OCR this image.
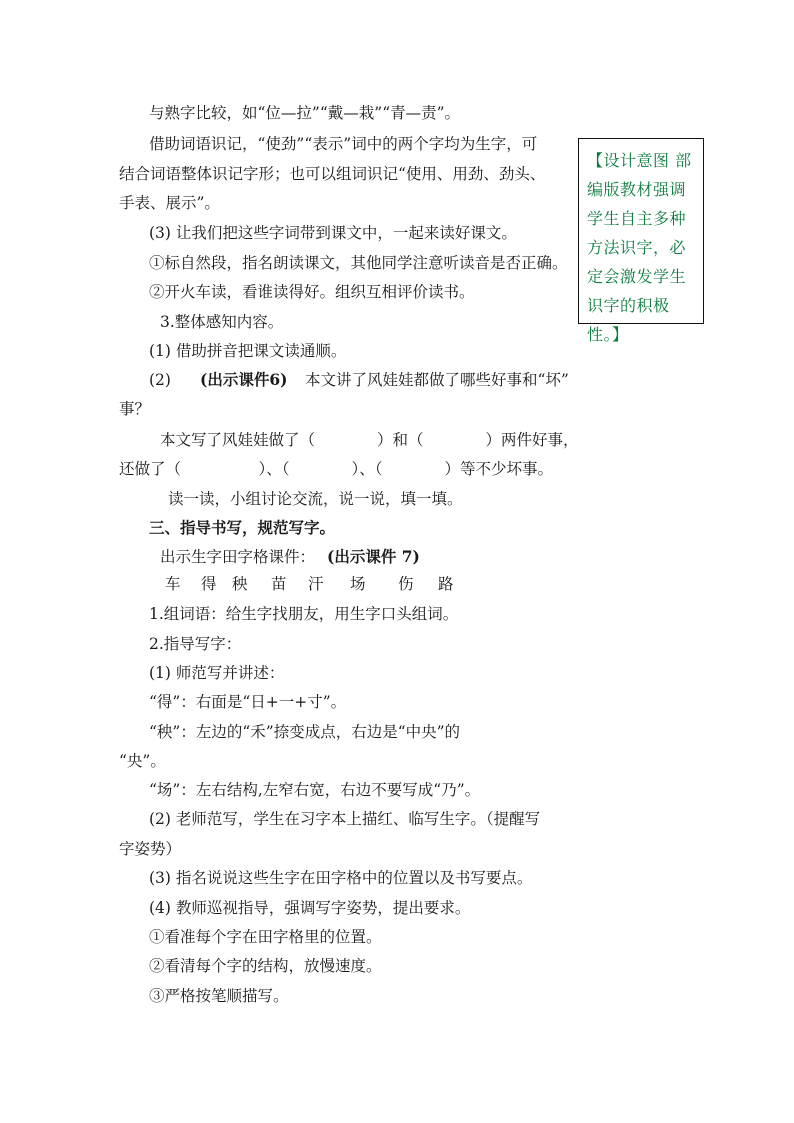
与熟字比较，如“位—拉”“戴—栽”“青—责”。
借助词语识记，“使劲”“表示”词中的两个字均为生字，可
结合词语整体识记字形；也可以组词识记“使用、用劲、劲头、
手表、展示”。
(3) 让我们把这些字词带到课文中，一起来读好课文。
①标自然段，指名朗读课文，其他同学注意听读音是否正确。
②开火车读，看谁读得好。组织互相评价读书。
3.整体感知内容。
(1) 借助拼音把课文读通顺。
(2) (出示课件6) 本文讲了风娃娃都做了哪些好事和“坏”
事？
本文写了风娃娃做了（　　　　）和（　　　　）两件好事，
还做了（　　　　　）、（　　　　）、（　　　　）等不少坏事。
读一读，小组讨论交流，说一说，填一填。
三、指导书写，规范写字。
出示生字田字格课件： (出示课件 7)
车 得 秧 苗 汗 场 伤 路
1.组词语：给生字找朋友，用生字口头组词。
2.指导写字：
(1) 师范写并讲述：
“得”：右面是“日+一+寸”。
“秧”：左边的“禾”捺变成点，右边是“中央”的
“央”。
“场”：左右结构,左窄右宽，右边不要写成“乃”。
(2) 老师范写，学生在习字本上描红、临写生字。（提醒写
字姿势）
(3) 指名说说这些生字在田字格中的位置以及书写要点。
(4) 教师巡视指导，强调写字姿势，提出要求。
①看准每个字在田字格里的位置。
②看清每个字的结构，放慢速度。
③严格按笔顺描写。
【设计意图 部编版教材强调学生自主多种方法识字，必定会激发学生识字的积极性。】
